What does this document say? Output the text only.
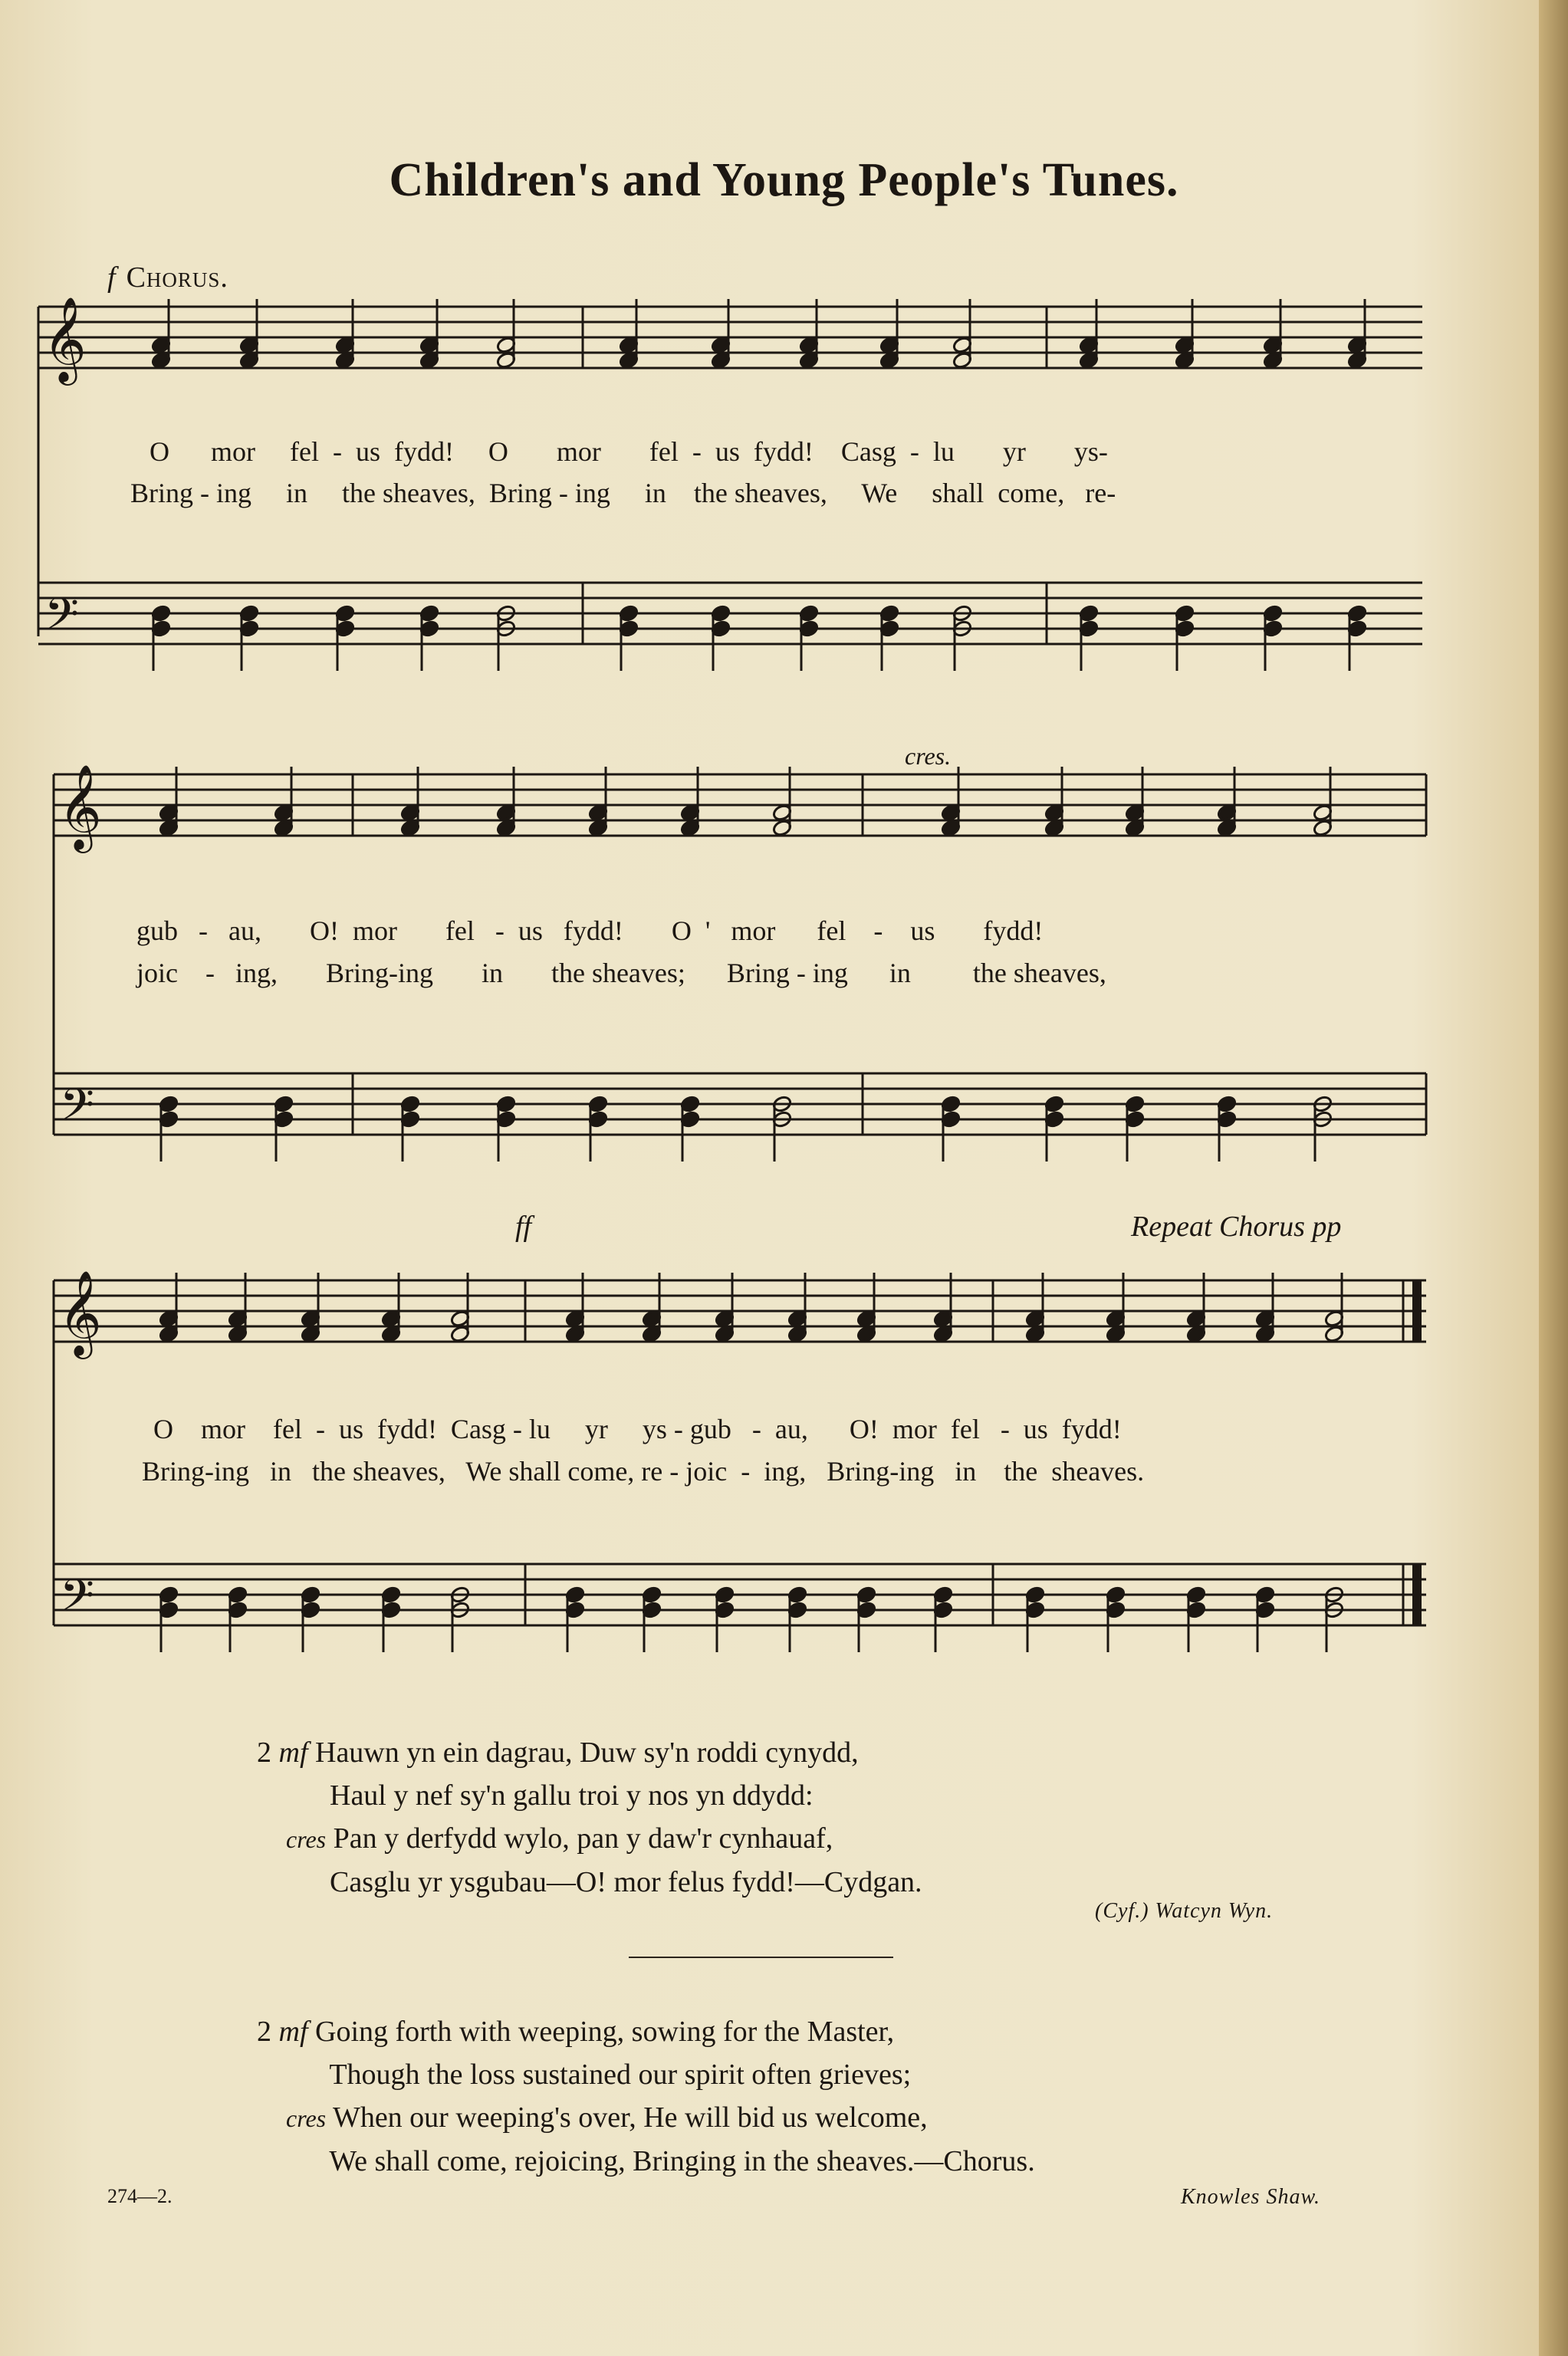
Children's and Young People's Tunes.
f Chorus.
𝄞
𝄢
𝄞
𝄢
𝄞
𝄢
O      mor     fel  -  us  fydd!     O       mor       fel  -  us  fydd!    Casg  -  lu       yr       ys-
Bring - ing     in     the sheaves,  Bring - ing     in    the sheaves,     We     shall  come,   re-
cres.
gub   -   au,       O!  mor       fel   -  us   fydd!       O  '   mor      fel    -    us       fydd!
joic    -   ing,       Bring-ing       in       the sheaves;      Bring - ing      in         the sheaves,
ff	Repeat Chorus pp
O    mor    fel  -  us  fydd!  Casg - lu     yr     ys - gub   -  au,      O!  mor  fel   -  us  fydd!
Bring-ing   in   the sheaves,   We shall come, re - joic  -  ing,   Bring-ing   in    the  sheaves.
2 mf Hauwn yn ein dagrau, Duw sy'n roddi cynydd,
Haul y nef sy'n gallu troi y nos yn ddydd:
cres Pan y derfydd wylo, pan y daw'r cynhauaf,
Casglu yr ysgubau—O! mor felus fydd!—Cydgan.
(Cyf.) Watcyn Wyn.
2 mf Going forth with weeping, sowing for the Master,
Though the loss sustained our spirit often grieves;
cres When our weeping's over, He will bid us welcome,
We shall come, rejoicing, Bringing in the sheaves.—Chorus.
274—2.	Knowles Shaw.
